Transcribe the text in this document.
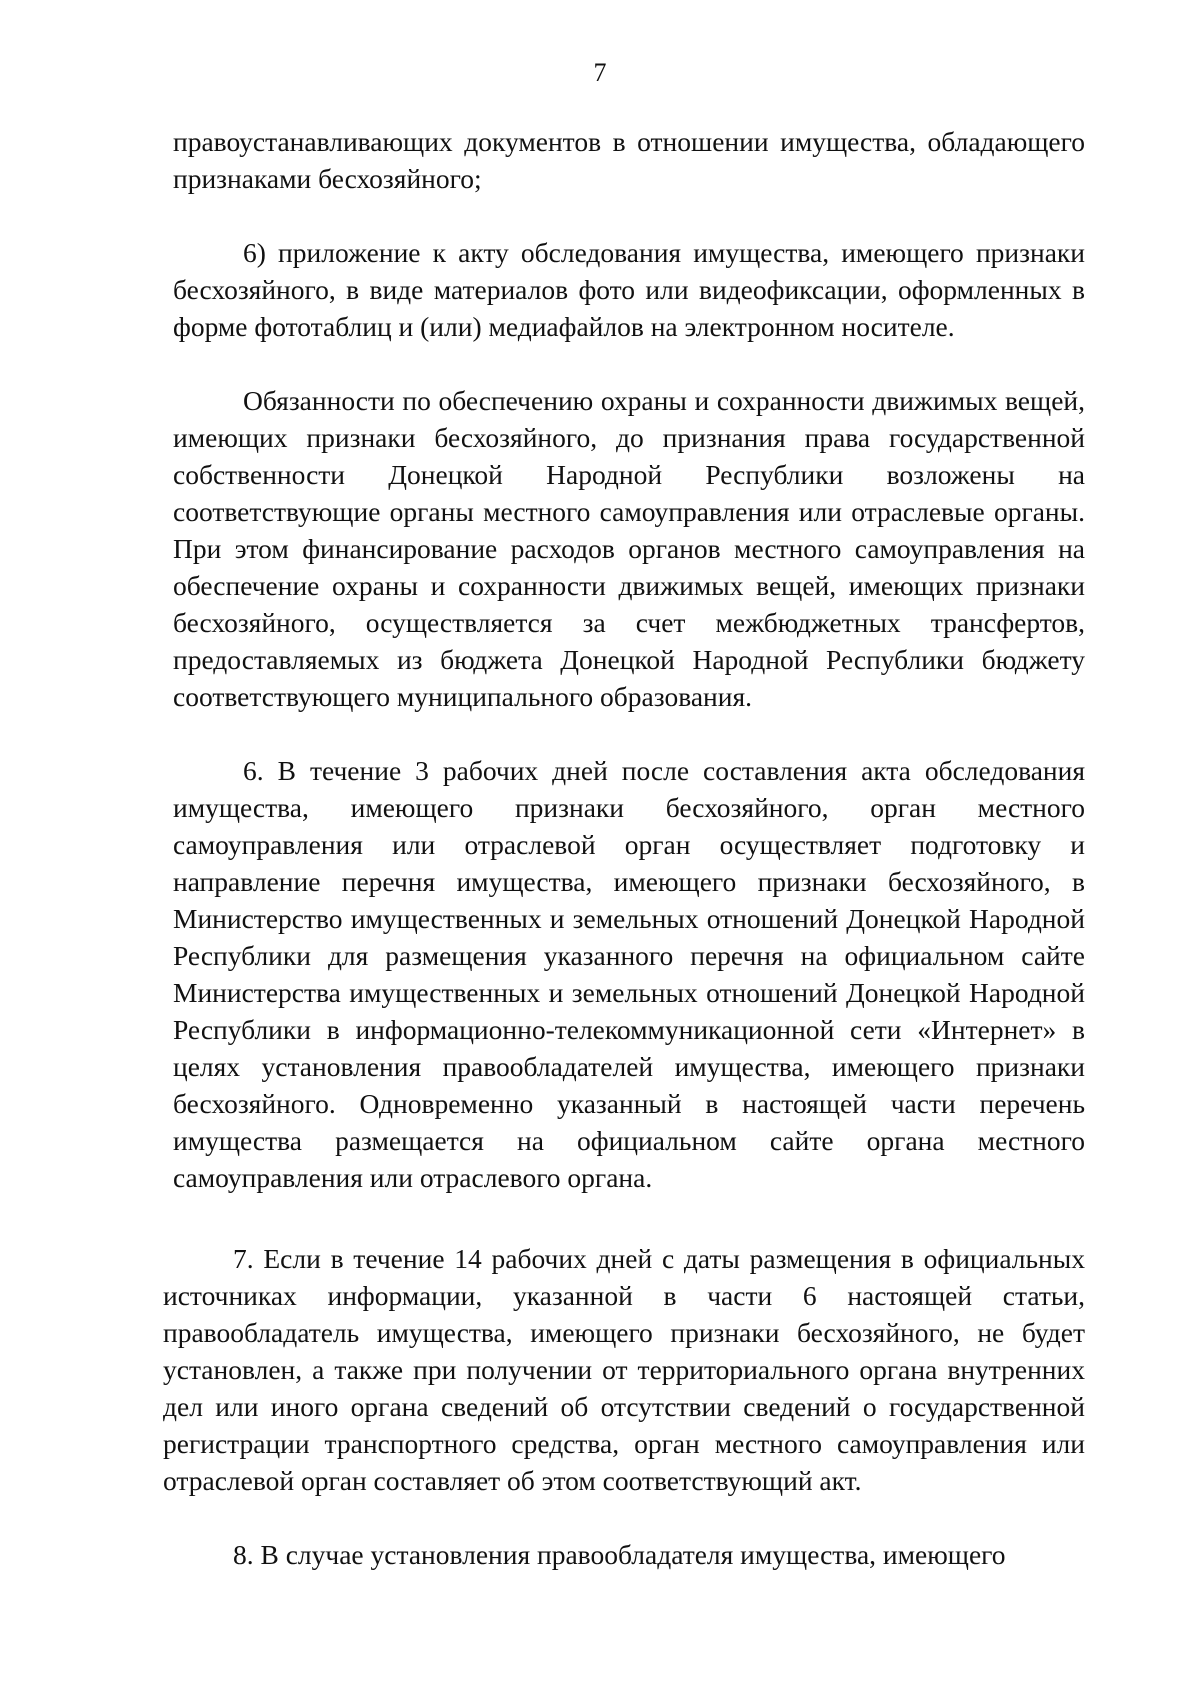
7

правоустанавливающих документов в отношении имущества, обладающего признаками бесхозяйного;

6) приложение к акту обследования имущества, имеющего признаки бесхозяйного, в виде материалов фото или видеофиксации, оформленных в форме фототаблиц и (или) медиафайлов на электронном носителе.

Обязанности по обеспечению охраны и сохранности движимых вещей, имеющих признаки бесхозяйного, до признания права государственной собственности Донецкой Народной Республики возложены на соответствующие органы местного самоуправления или отраслевые органы. При этом финансирование расходов органов местного самоуправления на обеспечение охраны и сохранности движимых вещей, имеющих признаки бесхозяйного, осуществляется за счет межбюджетных трансфертов, предоставляемых из бюджета Донецкой Народной Республики бюджету соответствующего муниципального образования.

6. В течение 3 рабочих дней после составления акта обследования имущества, имеющего признаки бесхозяйного, орган местного самоуправления или отраслевой орган осуществляет подготовку и направление перечня имущества, имеющего признаки бесхозяйного, в Министерство имущественных и земельных отношений Донецкой Народной Республики для размещения указанного перечня на официальном сайте Министерства имущественных и земельных отношений Донецкой Народной Республики в информационно-телекоммуникационной сети «Интернет» в целях установления правообладателей имущества, имеющего признаки бесхозяйного. Одновременно указанный в настоящей части перечень имущества размещается на официальном сайте органа местного самоуправления или отраслевого органа.

7. Если в течение 14 рабочих дней с даты размещения в официальных источниках информации, указанной в части 6 настоящей статьи, правообладатель имущества, имеющего признаки бесхозяйного, не будет установлен, а также при получении от территориального органа внутренних дел или иного органа сведений об отсутствии сведений о государственной регистрации транспортного средства, орган местного самоуправления или отраслевой орган составляет об этом соответствующий акт.

8. В случае установления правообладателя имущества, имеющего
